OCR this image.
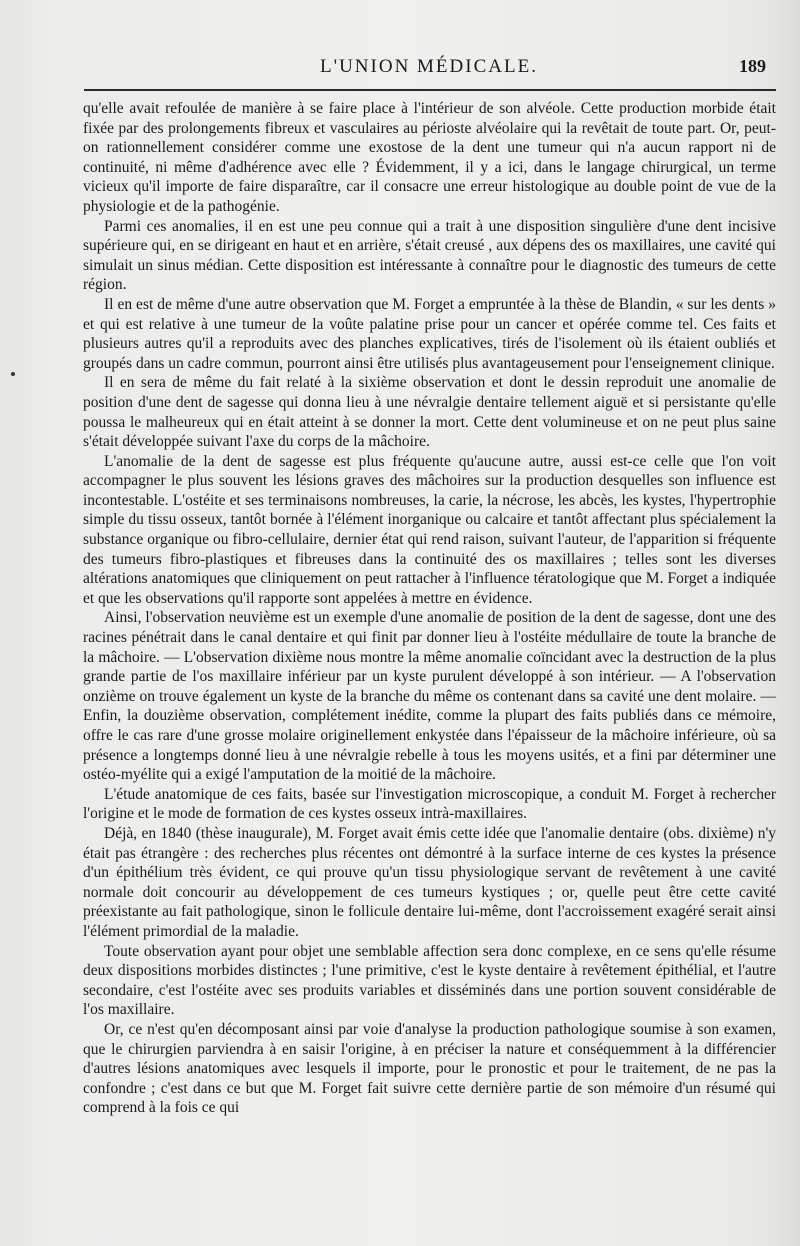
L'UNION MÉDICALE.	189

qu'elle avait refoulée de manière à se faire place à l'intérieur de son alvéole. Cette production morbide était fixée par des prolongements fibreux et vasculaires au périoste alvéolaire qui la revêtait de toute part. Or, peut-on rationnellement considérer comme une exostose de la dent une tumeur qui n'a aucun rapport ni de continuité, ni même d'adhérence avec elle ? Évidemment, il y a ici, dans le langage chirurgical, un terme vicieux qu'il importe de faire disparaître, car il consacre une erreur histologique au double point de vue de la physiologie et de la pathogénie.

Parmi ces anomalies, il en est une peu connue qui a trait à une disposition singulière d'une dent incisive supérieure qui, en se dirigeant en haut et en arrière, s'était creusé , aux dépens des os maxillaires, une cavité qui simulait un sinus médian. Cette disposition est intéressante à connaître pour le diagnostic des tumeurs de cette région.

Il en est de même d'une autre observation que M. Forget a empruntée à la thèse de Blandin, « sur les dents » et qui est relative à une tumeur de la voûte palatine prise pour un cancer et opérée comme tel. Ces faits et plusieurs autres qu'il a reproduits avec des planches explicatives, tirés de l'isolement où ils étaient oubliés et groupés dans un cadre commun, pourront ainsi être utilisés plus avantageusement pour l'enseignement clinique.

Il en sera de même du fait relaté à la sixième observation et dont le dessin reproduit une anomalie de position d'une dent de sagesse qui donna lieu à une névralgie dentaire tellement aiguë et si persistante qu'elle poussa le malheureux qui en était atteint à se donner la mort. Cette dent volumineuse et on ne peut plus saine s'était développée suivant l'axe du corps de la mâchoire.

L'anomalie de la dent de sagesse est plus fréquente qu'aucune autre, aussi est-ce celle que l'on voit accompagner le plus souvent les lésions graves des mâchoires sur la production desquelles son influence est incontestable. L'ostéite et ses terminaisons nombreuses, la carie, la nécrose, les abcès, les kystes, l'hypertrophie simple du tissu osseux, tantôt bornée à l'élément inorganique ou calcaire et tantôt affectant plus spécialement la substance organique ou fibro-cellulaire, dernier état qui rend raison, suivant l'auteur, de l'apparition si fréquente des tumeurs fibro-plastiques et fibreuses dans la continuité des os maxillaires ; telles sont les diverses altérations anatomiques que cliniquement on peut rattacher à l'influence tératologique que M. Forget a indiquée et que les observations qu'il rapporte sont appelées à mettre en évidence.

Ainsi, l'observation neuvième est un exemple d'une anomalie de position de la dent de sagesse, dont une des racines pénétrait dans le canal dentaire et qui finit par donner lieu à l'ostéite médullaire de toute la branche de la mâchoire. — L'observation dixième nous montre la même anomalie coïncidant avec la destruction de la plus grande partie de l'os maxillaire inférieur par un kyste purulent développé à son intérieur. — A l'observation onzième on trouve également un kyste de la branche du même os contenant dans sa cavité une dent molaire. — Enfin, la douzième observation, complétement inédite, comme la plupart des faits publiés dans ce mémoire, offre le cas rare d'une grosse molaire originellement enkystée dans l'épaisseur de la mâchoire inférieure, où sa présence a longtemps donné lieu à une névralgie rebelle à tous les moyens usités, et a fini par déterminer une ostéo-myélite qui a exigé l'amputation de la moitié de la mâchoire.

L'étude anatomique de ces faits, basée sur l'investigation microscopique, a conduit M. Forget à rechercher l'origine et le mode de formation de ces kystes osseux intrà-maxillaires.

Déjà, en 1840 (thèse inaugurale), M. Forget avait émis cette idée que l'anomalie dentaire (obs. dixième) n'y était pas étrangère : des recherches plus récentes ont démontré à la surface interne de ces kystes la présence d'un épithélium très évident, ce qui prouve qu'un tissu physiologique servant de revêtement à une cavité normale doit concourir au développement de ces tumeurs kystiques ; or, quelle peut être cette cavité préexistante au fait pathologique, sinon le follicule dentaire lui-même, dont l'accroissement exagéré serait ainsi l'élément primordial de la maladie.

Toute observation ayant pour objet une semblable affection sera donc complexe, en ce sens qu'elle résume deux dispositions morbides distinctes ; l'une primitive, c'est le kyste dentaire à revêtement épithélial, et l'autre secondaire, c'est l'ostéite avec ses produits variables et disséminés dans une portion souvent considérable de l'os maxillaire.

Or, ce n'est qu'en décomposant ainsi par voie d'analyse la production pathologique soumise à son examen, que le chirurgien parviendra à en saisir l'origine, à en préciser la nature et conséquemment à la différencier d'autres lésions anatomiques avec lesquels il importe, pour le pronostic et pour le traitement, de ne pas la confondre ; c'est dans ce but que M. Forget fait suivre cette dernière partie de son mémoire d'un résumé qui comprend à la fois ce qui
